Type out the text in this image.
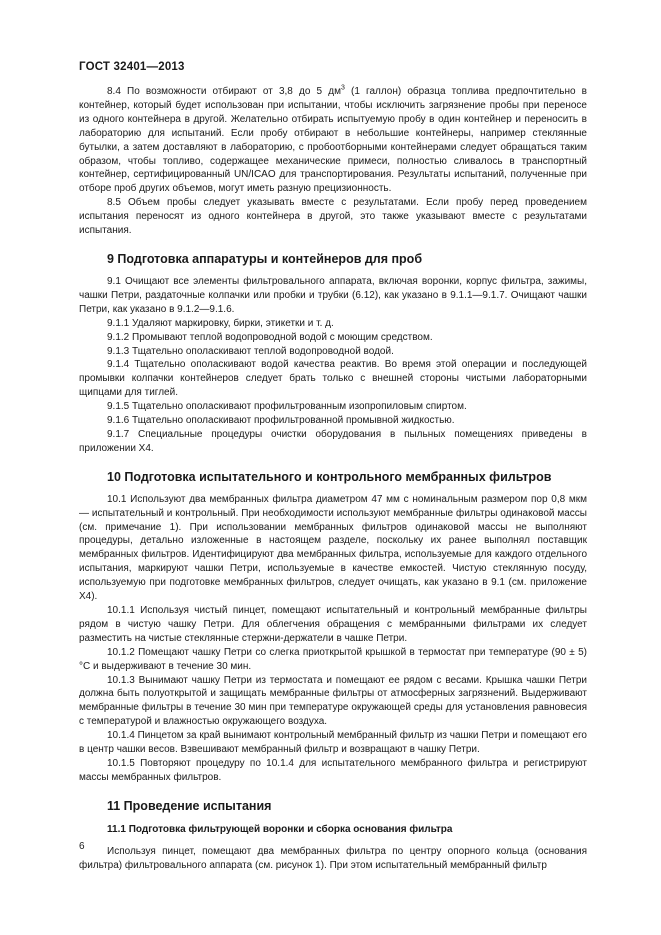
ГОСТ 32401—2013

8.4 По возможности отбирают от 3,8 до 5 $дм^3$ (1 галлон) образца топлива предпочтительно в контейнер, который будет использован при испытании, чтобы исключить загрязнение пробы при переносе из одного контейнера в другой. Желательно отбирать испытуемую пробу в один контейнер и переносить в лабораторию для испытаний. Если пробу отбирают в небольшие контейнеры, например стеклянные бутылки, а затем доставляют в лабораторию, с пробоотборными контейнерами следует обращаться таким образом, чтобы топливо, содержащее механические примеси, полностью сливалось в транспортный контейнер, сертифицированный UN/ICAO для транспортирования. Результаты испытаний, полученные при отборе проб других объемов, могут иметь разную прецизионность.

8.5 Объем пробы следует указывать вместе с результатами. Если пробу перед проведением испытания переносят из одного контейнера в другой, это также указывают вместе с результатами испытания.

9 Подготовка аппаратуры и контейнеров для проб

9.1 Очищают все элементы фильтровального аппарата, включая воронки, корпус фильтра, зажимы, чашки Петри, раздаточные колпачки или пробки и трубки (6.12), как указано в 9.1.1—9.1.7. Очищают чашки Петри, как указано в 9.1.2—9.1.6.

9.1.1 Удаляют маркировку, бирки, этикетки и т. д.

9.1.2 Промывают теплой водопроводной водой с моющим средством.

9.1.3 Тщательно ополаскивают теплой водопроводной водой.

9.1.4 Тщательно ополаскивают водой качества реактив. Во время этой операции и последующей промывки колпачки контейнеров следует брать только с внешней стороны чистыми лабораторными щипцами для тиглей.

9.1.5 Тщательно ополаскивают профильтрованным изопропиловым спиртом.

9.1.6 Тщательно ополаскивают профильтрованной промывной жидкостью.

9.1.7 Специальные процедуры очистки оборудования в пыльных помещениях приведены в приложении Х4.

10 Подготовка испытательного и контрольного мембранных фильтров

10.1 Используют два мембранных фильтра диаметром 47 мм с номинальным размером пор 0,8 мкм — испытательный и контрольный. При необходимости используют мембранные фильтры одинаковой массы (см. примечание 1). При использовании мембранных фильтров одинаковой массы не выполняют процедуры, детально изложенные в настоящем разделе, поскольку их ранее выполнял поставщик мембранных фильтров. Идентифицируют два мембранных фильтра, используемые для каждого отдельного испытания, маркируют чашки Петри, используемые в качестве емкостей. Чистую стеклянную посуду, используемую при подготовке мембранных фильтров, следует очищать, как указано в 9.1 (см. приложение Х4).

10.1.1 Используя чистый пинцет, помещают испытательный и контрольный мембранные фильтры рядом в чистую чашку Петри. Для облегчения обращения с мембранными фильтрами их следует разместить на чистые стеклянные стержни-держатели в чашке Петри.

10.1.2 Помещают чашку Петри со слегка приоткрытой крышкой в термостат при температуре (90 ± 5) °С и выдерживают в течение 30 мин.

10.1.3 Вынимают чашку Петри из термостата и помещают ее рядом с весами. Крышка чашки Петри должна быть полуоткрытой и защищать мембранные фильтры от атмосферных загрязнений. Выдерживают мембранные фильтры в течение 30 мин при температуре окружающей среды для установления равновесия с температурой и влажностью окружающего воздуха.

10.1.4 Пинцетом за край вынимают контрольный мембранный фильтр из чашки Петри и помещают его в центр чашки весов. Взвешивают мембранный фильтр и возвращают в чашку Петри.

10.1.5 Повторяют процедуру по 10.1.4 для испытательного мембранного фильтра и регистрируют массы мембранных фильтров.

11 Проведение испытания
11.1 Подготовка фильтрующей воронки и сборка основания фильтра

Используя пинцет, помещают два мембранных фильтра по центру опорного кольца (основания фильтра) фильтровального аппарата (см. рисунок 1). При этом испытательный мембранный фильтр

6
